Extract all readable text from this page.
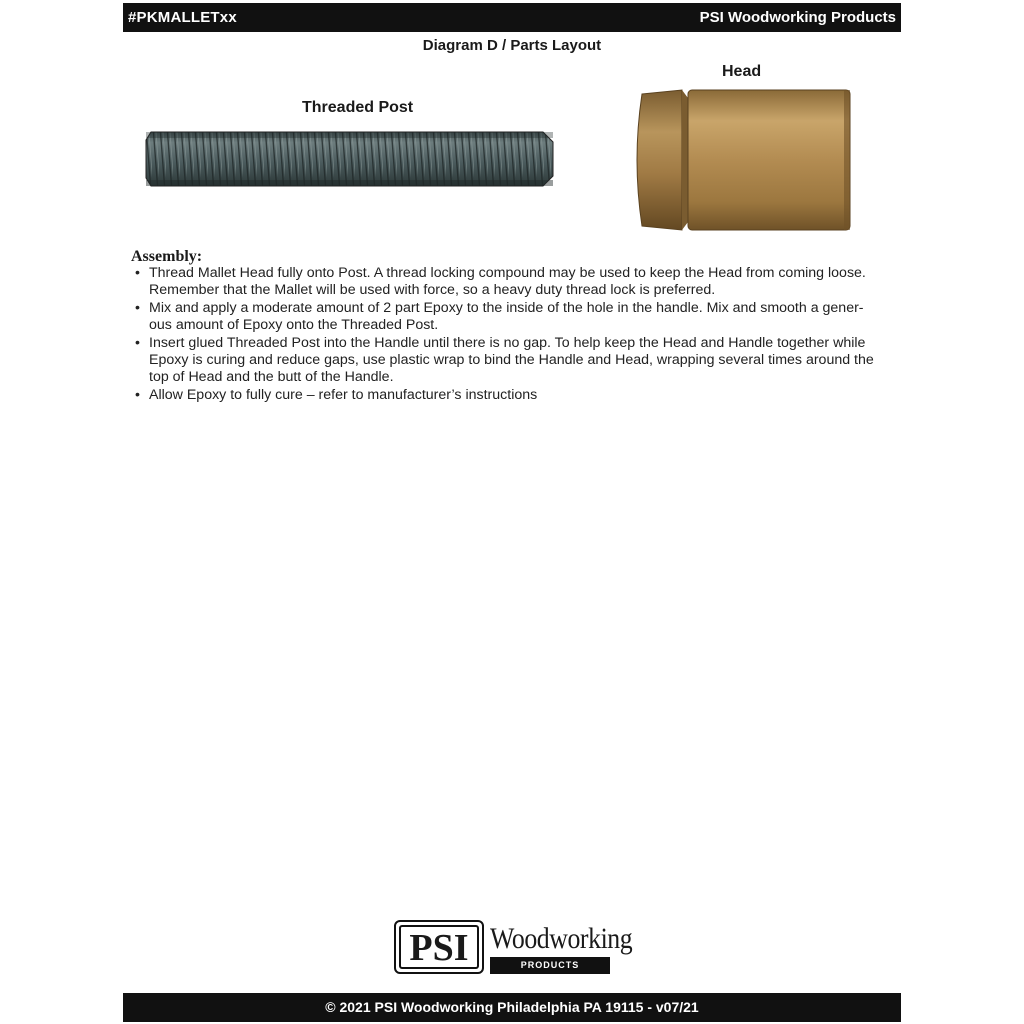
#PKMALLETxx	PSI Woodworking Products
Diagram D / Parts Layout
Threaded Post
Head
Assembly:
• Thread Mallet Head fully onto Post. A thread locking compound may be used to keep the Head from coming loose.
Remember that the Mallet will be used with force, so a heavy duty thread lock is preferred.
• Mix and apply a moderate amount of 2 part Epoxy to the inside of the hole in the handle. Mix and smooth a gener-
ous amount of Epoxy onto the Threaded Post.
• Insert glued Threaded Post into the Handle until there is no gap. To help keep the Head and Handle together while
Epoxy is curing and reduce gaps, use plastic wrap to bind the Handle and Head, wrapping several times around the
top of Head and the butt of the Handle.
• Allow Epoxy to fully cure – refer to manufacturer’s instructions
PSI Woodworking
PRODUCTS
© 2021 PSI Woodworking Philadelphia PA 19115 - v07/21
